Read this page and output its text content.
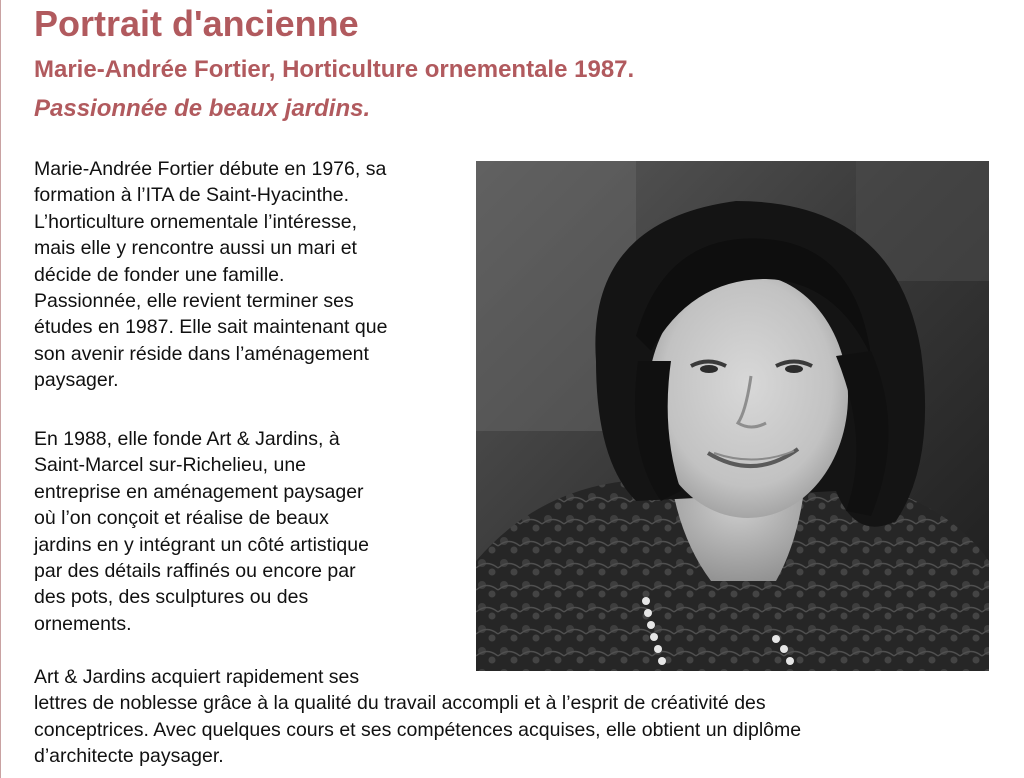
Portrait d'ancienne
Marie-Andrée Fortier, Horticulture ornementale 1987.
Passionnée de beaux jardins.

Marie-Andrée Fortier débute en 1976, sa
formation à l’ITA de Saint-Hyacinthe.
L’horticulture ornementale l’intéresse,
mais elle y rencontre aussi un mari et
décide de fonder une famille.
Passionnée, elle revient terminer ses
études en 1987. Elle sait maintenant que
son avenir réside dans l’aménagement
paysager.

En 1988, elle fonde Art & Jardins, à
Saint-Marcel sur-Richelieu, une
entreprise en aménagement paysager
où l’on conçoit et réalise de beaux
jardins en y intégrant un côté artistique
par des détails raffinés ou encore par
des pots, des sculptures ou des
ornements.

Art & Jardins acquiert rapidement ses
lettres de noblesse grâce à la qualité du travail accompli et à l’esprit de créativité des
conceptrices. Avec quelques cours et ses compétences acquises, elle obtient un diplôme
d’architecte paysager.
